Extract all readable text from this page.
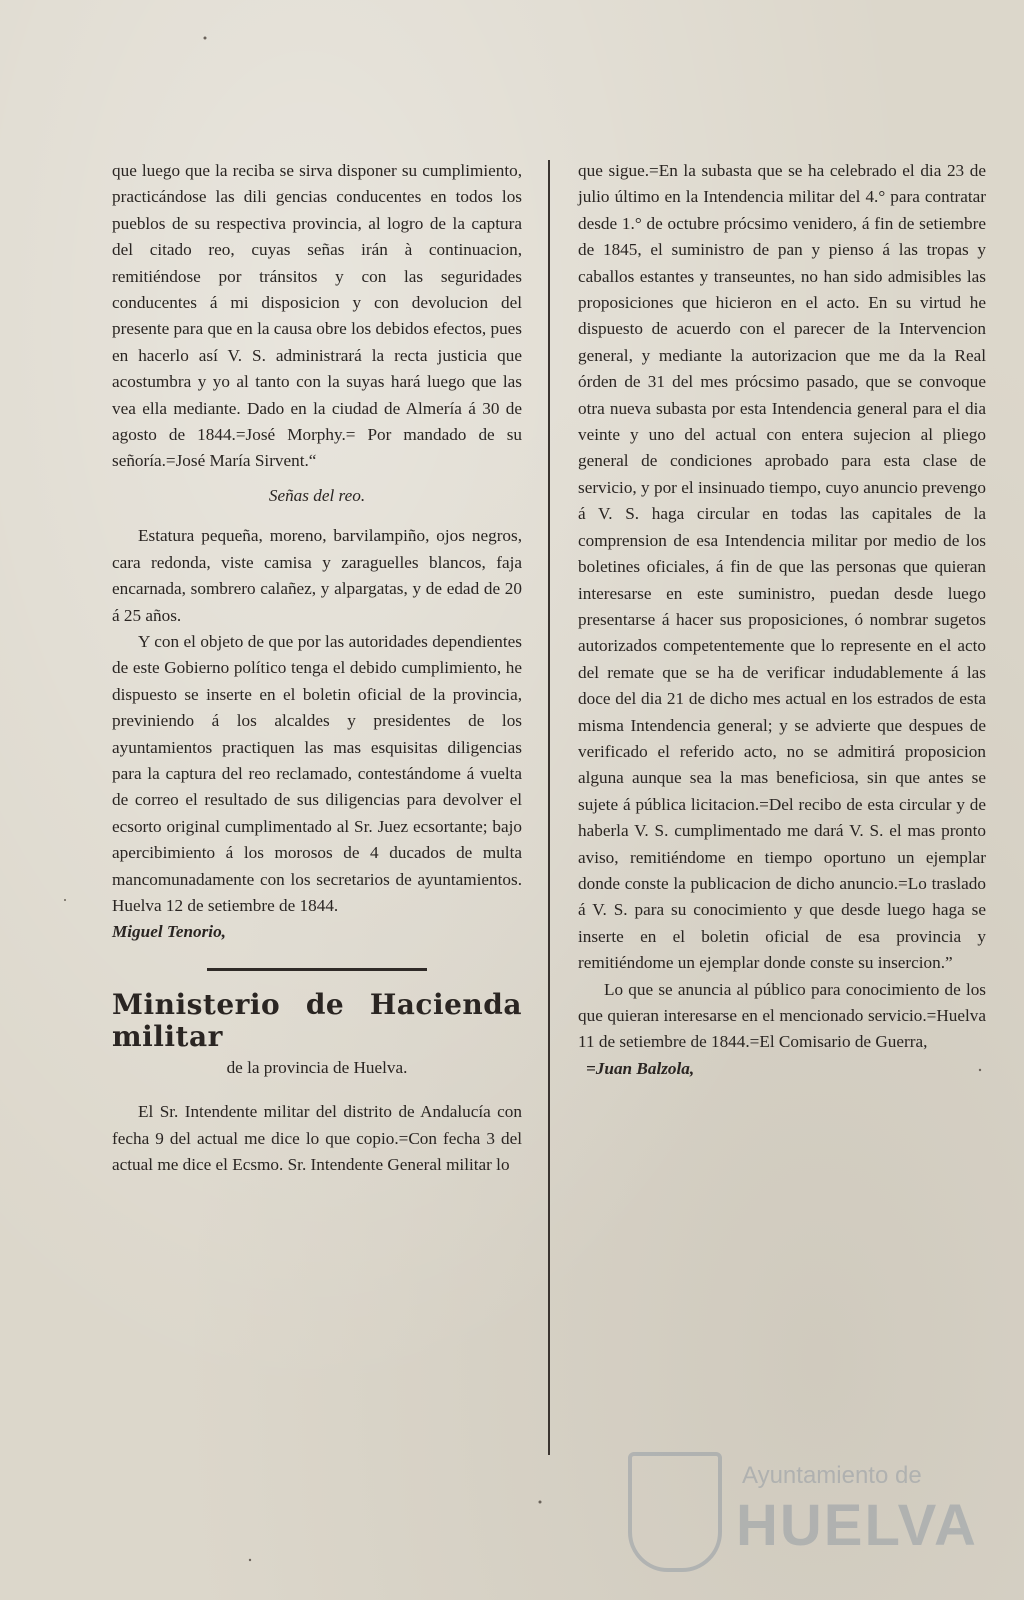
que luego que la reciba se sirva disponer su cumplimiento, practicándose las dili gencias conducentes en todos los pueblos de su respectiva provincia, al logro de la captura del citado reo, cuyas señas irán à continuacion, remitiéndose por tránsitos y con las seguridades conducentes á mi disposicion y con devolucion del presente para que en la causa obre los debidos efectos, pues en hacerlo así V. S. administrará la recta justicia que acostumbra y yo al tanto con la suyas hará luego que las vea ella mediante. Dado en la ciudad de Almería á 30 de agosto de 1844.=José Morphy.= Por mandado de su señoría.=José María Sirvent.“

Señas del reo.

Estatura pequeña, moreno, barvilampiño, ojos negros, cara redonda, viste camisa y zaraguelles blancos, faja encarnada, sombrero calañez, y alpargatas, y de edad de 20 á 25 años.

Y con el objeto de que por las autoridades dependientes de este Gobierno político tenga el debido cumplimiento, he dispuesto se inserte en el boletin oficial de la provincia, previniendo á los alcaldes y presidentes de los ayuntamientos practiquen las mas esquisitas diligencias para la captura del reo reclamado, contestándome á vuelta de correo el resultado de sus diligencias para devolver el ecsorto original cumplimentado al Sr. Juez ecsortante; bajo apercibimiento á los morosos de 4 ducados de multa mancomunadamente con los secretarios de ayuntamientos. Huelva 12 de setiembre de 1844.

Miguel Tenorio,
Ministerio de Hacienda militar
de la provincia de Huelva.

El Sr. Intendente militar del distrito de Andalucía con fecha 9 del actual me dice lo que copio.=Con fecha 3 del actual me dice el Ecsmo. Sr. Intendente General militar lo

que sigue.=En la subasta que se ha celebrado el dia 23 de julio último en la Intendencia militar del 4.° para contratar desde 1.° de octubre prócsimo venidero, á fin de setiembre de 1845, el suministro de pan y pienso á las tropas y caballos estantes y transeuntes, no han sido admisibles las proposiciones que hicieron en el acto. En su virtud he dispuesto de acuerdo con el parecer de la Intervencion general, y mediante la autorizacion que me da la Real órden de 31 del mes prócsimo pasado, que se convoque otra nueva subasta por esta Intendencia general para el dia veinte y uno del actual con entera sujecion al pliego general de condiciones aprobado para esta clase de servicio, y por el insinuado tiempo, cuyo anuncio prevengo á V. S. haga circular en todas las capitales de la comprension de esa Intendencia militar por medio de los boletines oficiales, á fin de que las personas que quieran interesarse en este suministro, puedan desde luego presentarse á hacer sus proposiciones, ó nombrar sugetos autorizados competentemente que lo represente en el acto del remate que se ha de verificar indudablemente á las doce del dia 21 de dicho mes actual en los estrados de esta misma Intendencia general; y se advierte que despues de verificado el referido acto, no se admitirá proposicion alguna aunque sea la mas beneficiosa, sin que antes se sujete á pública licitacion.=Del recibo de esta circular y de haberla V. S. cumplimentado me dará V. S. el mas pronto aviso, remitiéndome en tiempo oportuno un ejemplar donde conste la publicacion de dicho anuncio.=Lo traslado á V. S. para su conocimiento y que desde luego haga se inserte en el boletin oficial de esa provincia y remitiéndome un ejemplar donde conste su insercion.”

Lo que se anuncia al público para conocimiento de los que quieran interesarse en el mencionado servicio.=Huelva 11 de setiembre de 1844.=El Comisario de Guerra,

=Juan Balzola,
Ayuntamiento de
HUELVA
